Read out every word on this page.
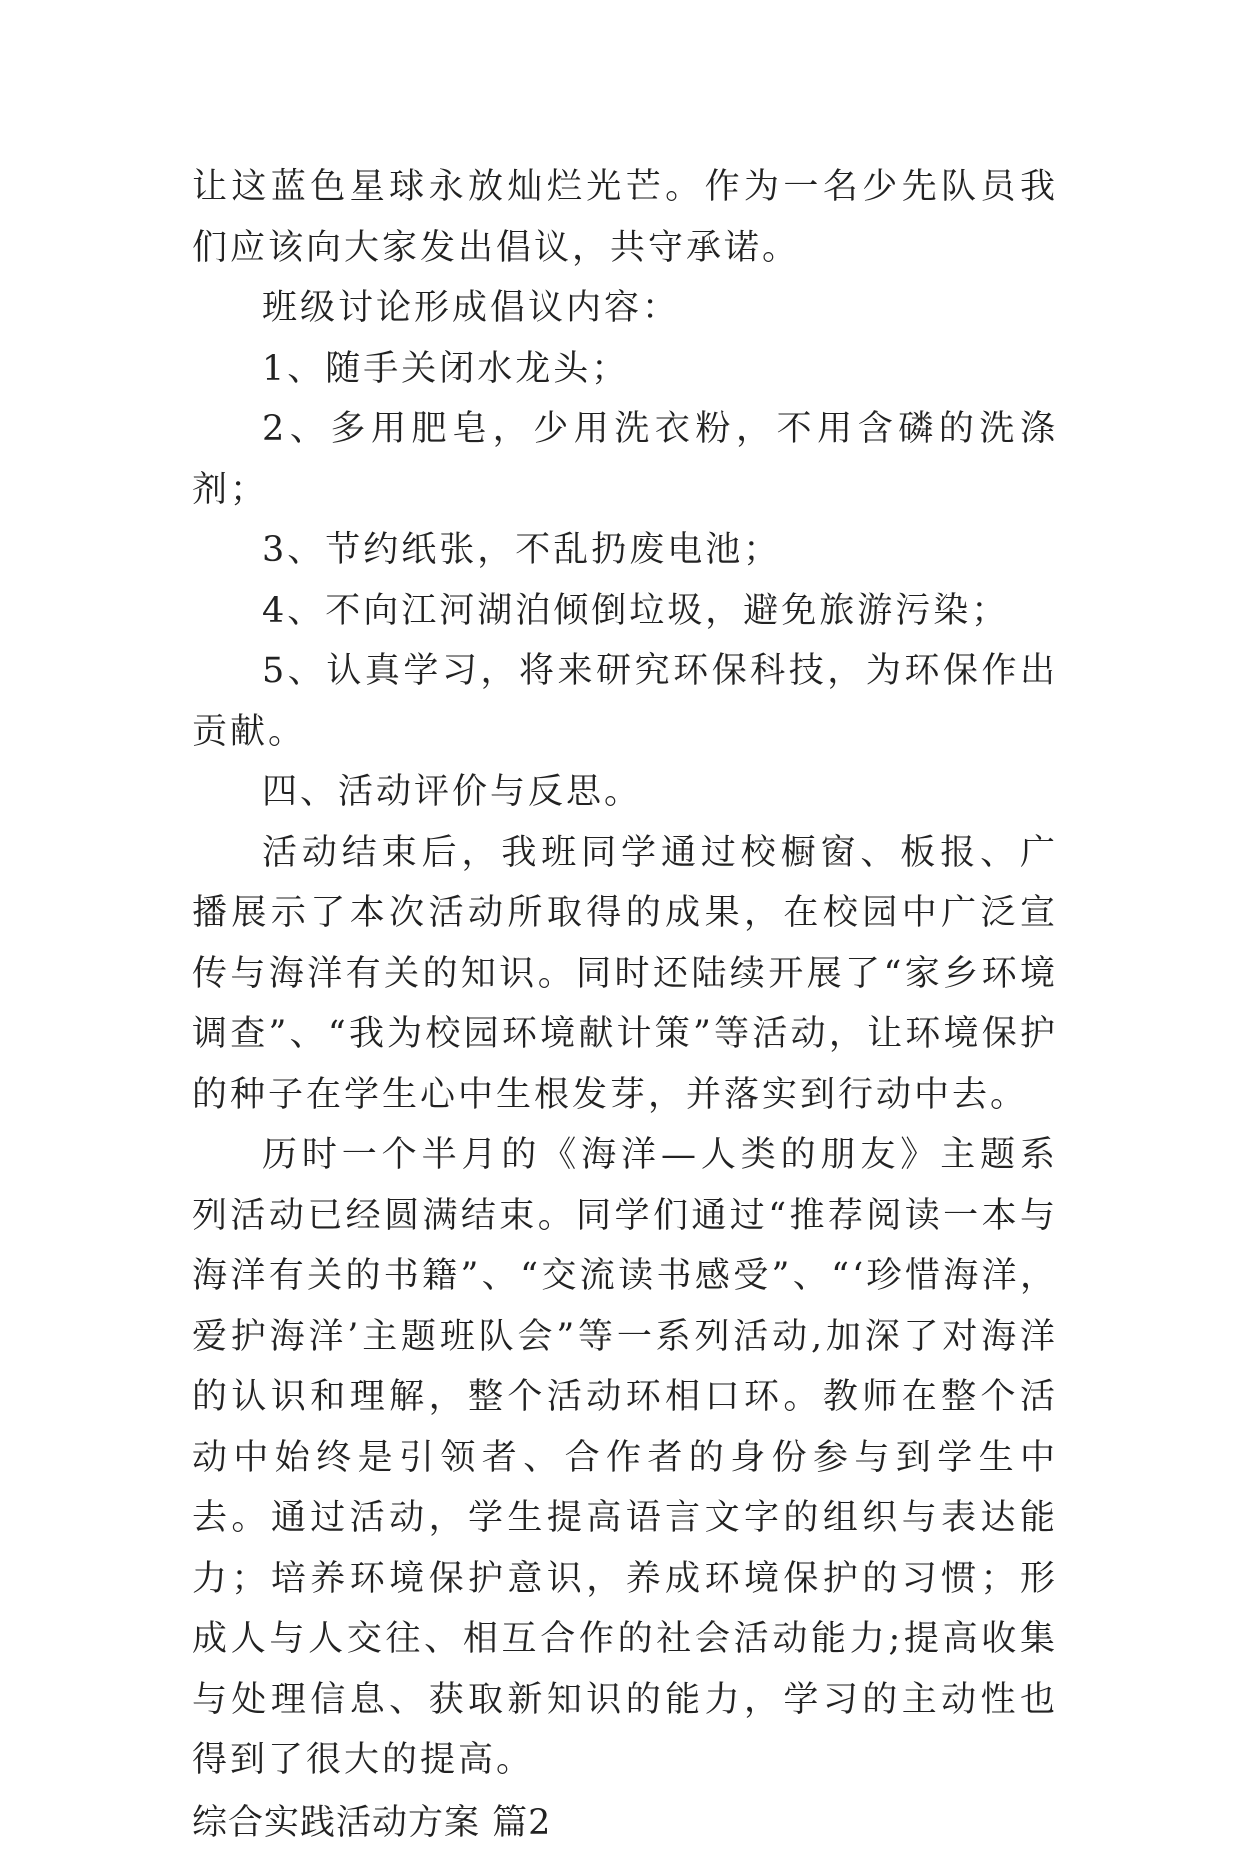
让这蓝色星球永放灿烂光芒。作为一名少先队员我们应该向大家发出倡议，共守承诺。

班级讨论形成倡议内容：

1、随手关闭水龙头；

2、多用肥皂，少用洗衣粉，不用含磷的洗涤剂；

3、节约纸张，不乱扔废电池；

4、不向江河湖泊倾倒垃圾，避免旅游污染；

5、认真学习，将来研究环保科技，为环保作出贡献。

四、活动评价与反思。

活动结束后，我班同学通过校橱窗、板报、广播展示了本次活动所取得的成果，在校园中广泛宣传与海洋有关的知识。同时还陆续开展了“家乡环境调查”、“我为校园环境献计策”等活动，让环境保护的种子在学生心中生根发芽，并落实到行动中去。

历时一个半月的《海洋—人类的朋友》主题系列活动已经圆满结束。同学们通过“推荐阅读一本与海洋有关的书籍”、“交流读书感受”、“‘珍惜海洋，爱护海洋’主题班队会”等一系列活动,加深了对海洋的认识和理解，整个活动环相口环。教师在整个活动中始终是引领者、合作者的身份参与到学生中去。通过活动，学生提高语言文字的组织与表达能力；培养环境保护意识，养成环境保护的习惯；形成人与人交往、相互合作的社会活动能力;提高收集与处理信息、获取新知识的能力，学习的主动性也得到了很大的提高。

综合实践活动方案 篇2
